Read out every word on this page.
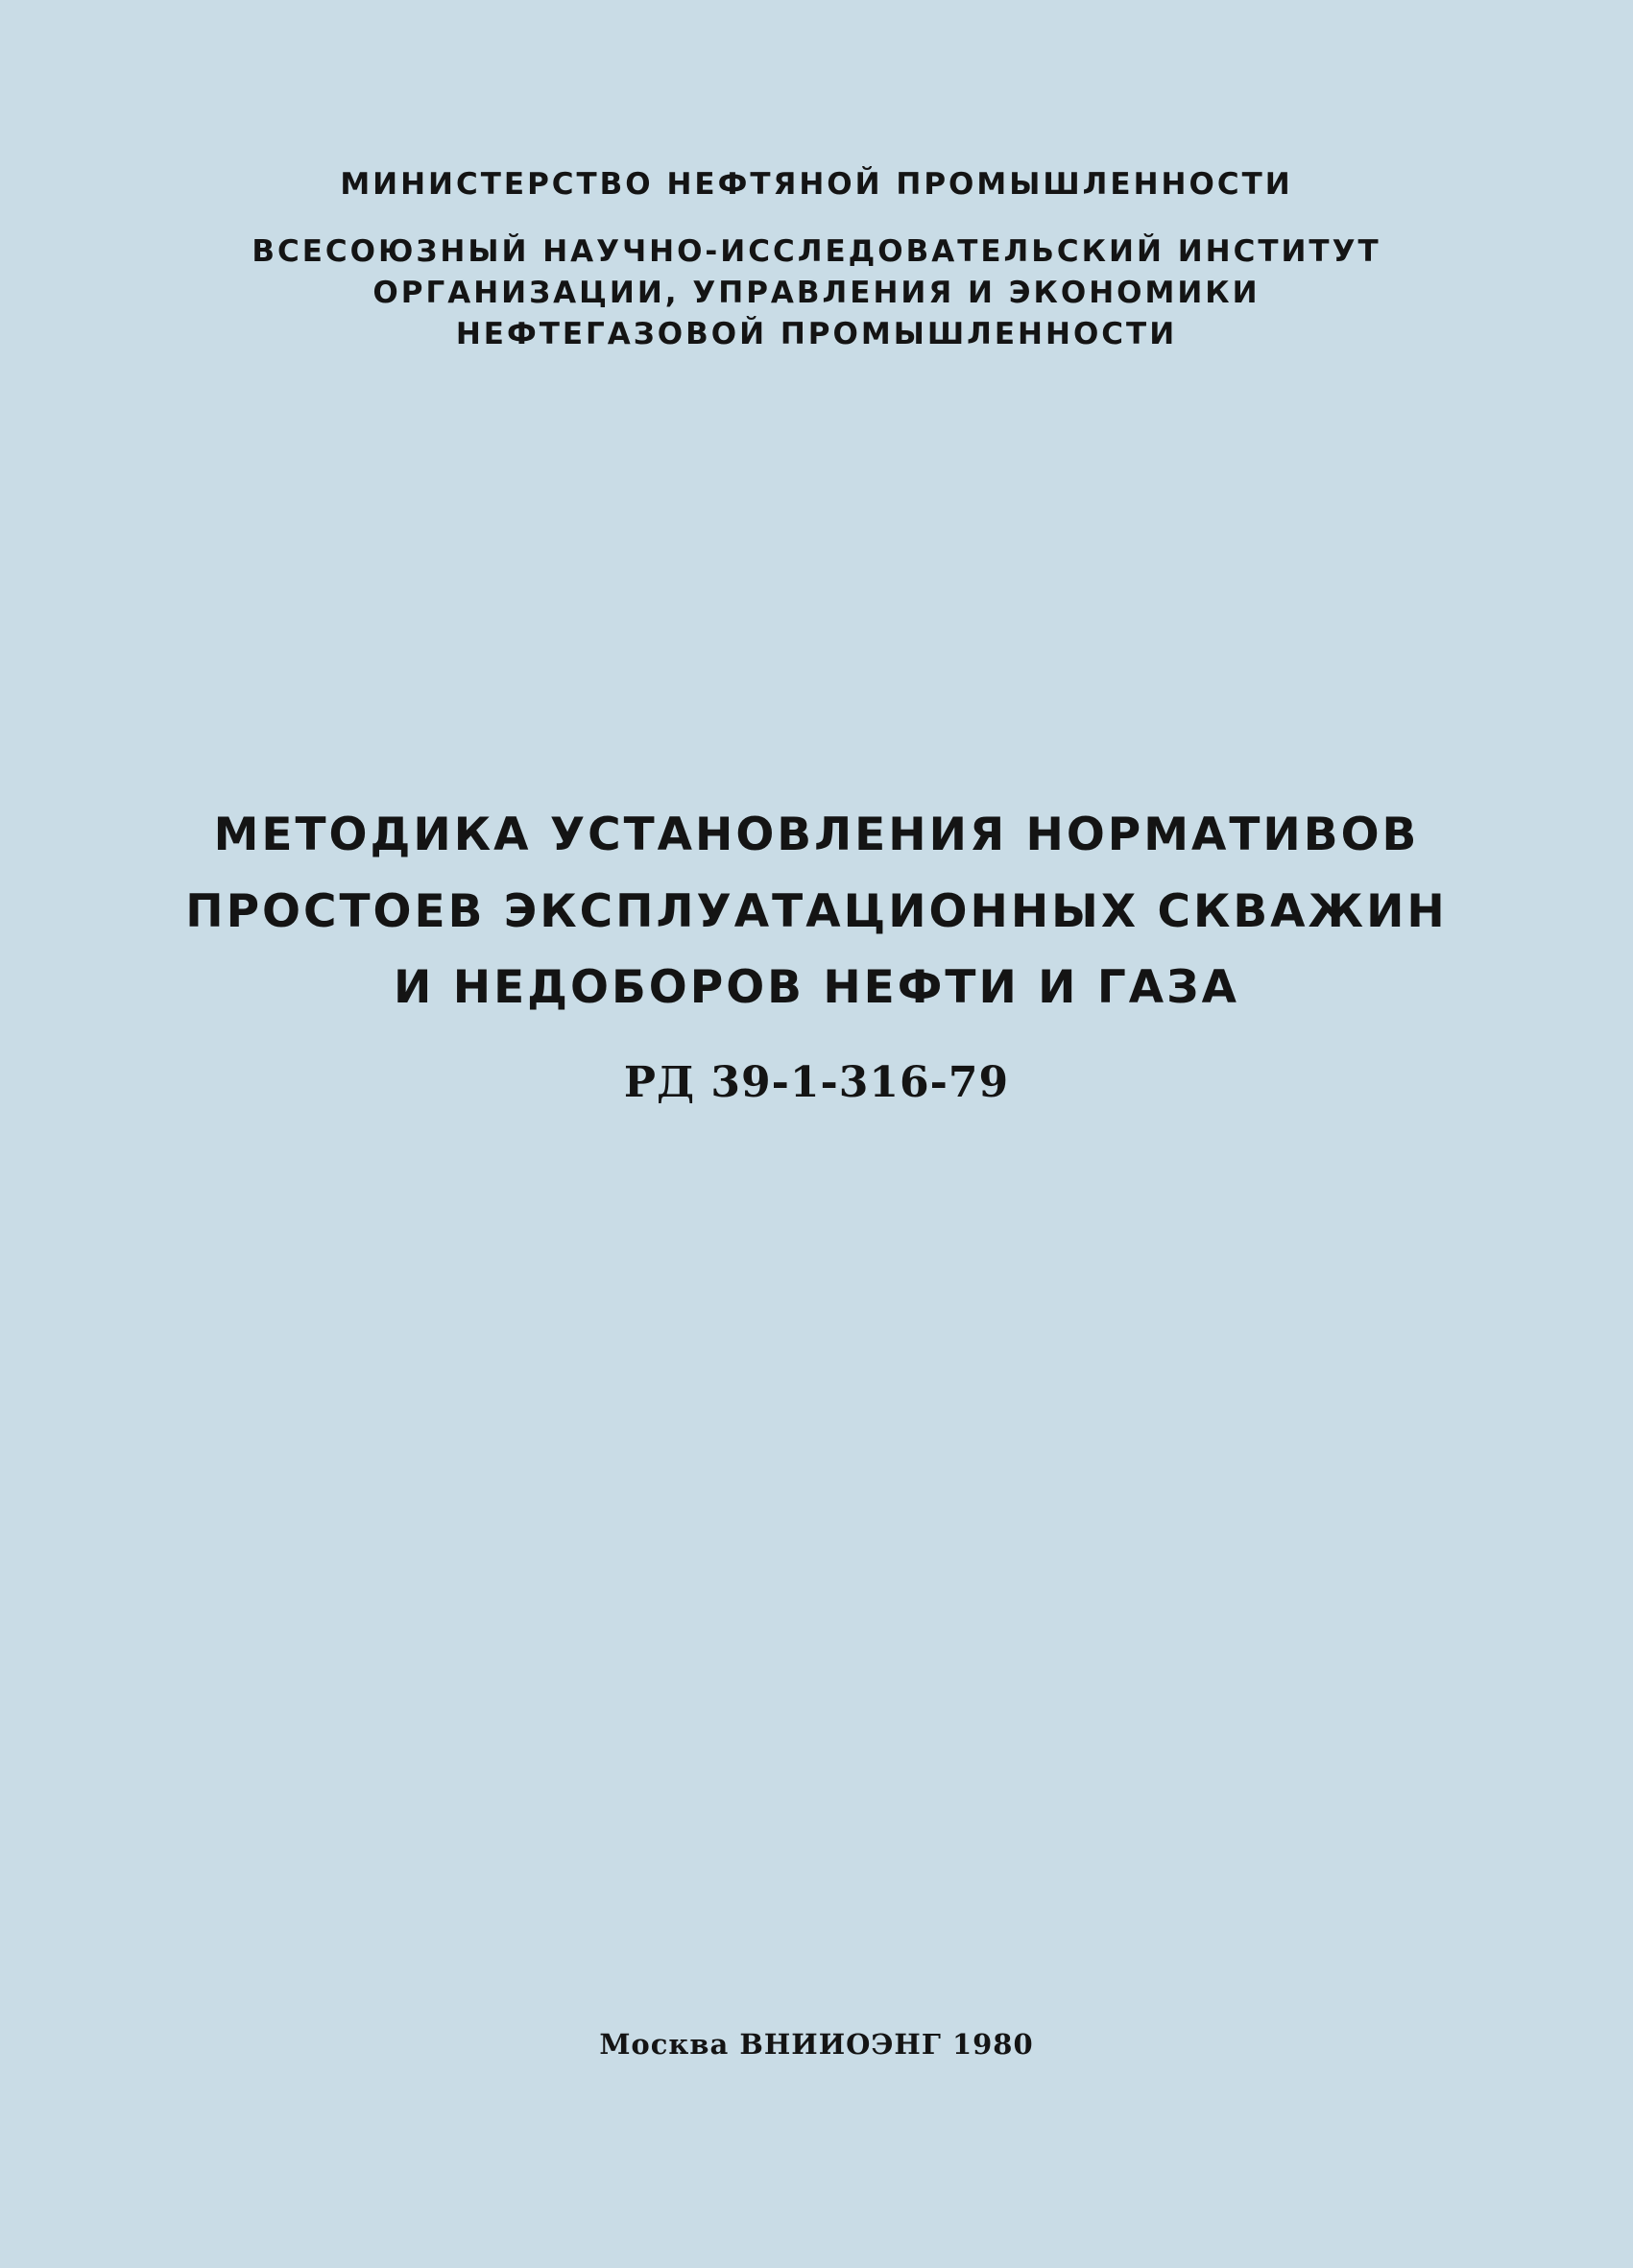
МИНИСТЕРСТВО НЕФТЯНОЙ ПРОМЫШЛЕННОСТИ
ВСЕСОЮЗНЫЙ НАУЧНО-ИССЛЕДОВАТЕЛЬСКИЙ ИНСТИТУТ
ОРГАНИЗАЦИИ, УПРАВЛЕНИЯ И ЭКОНОМИКИ
НЕФТЕГАЗОВОЙ ПРОМЫШЛЕННОСТИ
МЕТОДИКА УСТАНОВЛЕНИЯ НОРМАТИВОВ
ПРОСТОЕВ ЭКСПЛУАТАЦИОННЫХ СКВАЖИН
И НЕДОБОРОВ НЕФТИ И ГАЗА
РД 39-1-316-79
Москва ВНИИОЭНГ 1980
